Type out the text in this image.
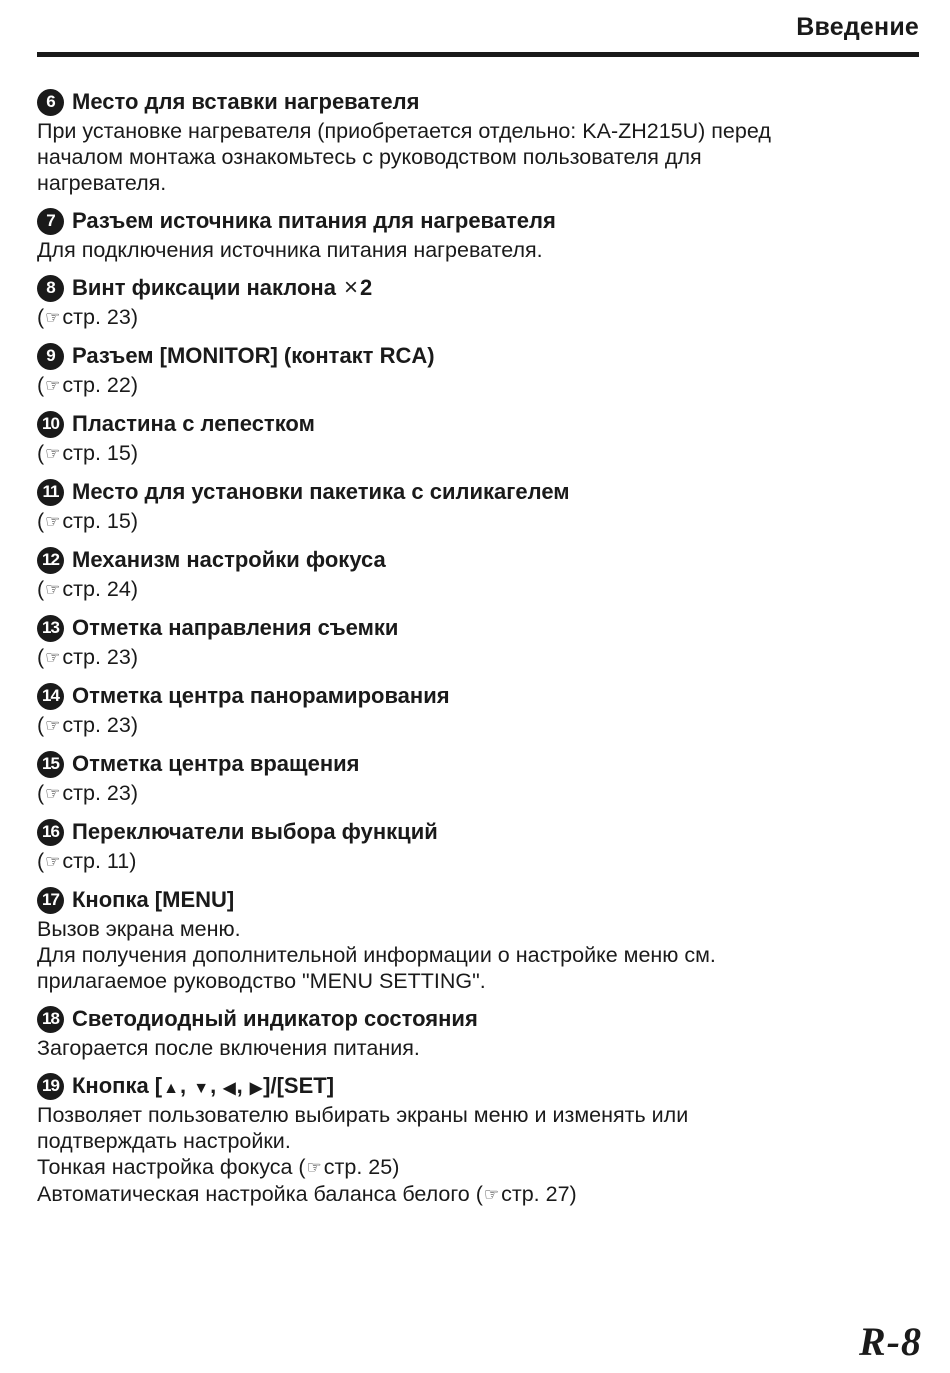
Введение
6 Место для вставки нагревателя
При установке нагревателя (приобретается отдельно: KA-ZH215U) перед
началом монтажа ознакомьтесь с руководством пользователя для
нагревателя.
7 Разъем источника питания для нагревателя
Для подключения источника питания нагревателя.
8 Винт фиксации наклона × 2
(☞стр. 23)
9 Разъем [MONITOR] (контакт RCA)
(☞стр. 22)
10 Пластина с лепестком
(☞стр. 15)
11 Место для установки пакетика с силикагелем
(☞стр. 15)
12 Механизм настройки фокуса
(☞стр. 24)
13 Отметка направления съемки
(☞стр. 23)
14 Отметка центра панорамирования
(☞стр. 23)
15 Отметка центра вращения
(☞стр. 23)
16 Переключатели выбора функций
(☞стр. 11)
17 Кнопка [MENU]
Вызов экрана меню.
Для получения дополнительной информации о настройке меню см.
прилагаемое руководство "MENU SETTING".
18 Светодиодный индикатор состояния
Загорается после включения питания.
19 Кнопка [▲, ▼, ◀, ▶]/[SET]
Позволяет пользователю выбирать экраны меню и изменять или
подтверждать настройки.
Тонкая настройка фокуса (☞стр. 25)
Автоматическая настройка баланса белого (☞стр. 27)
R-8
